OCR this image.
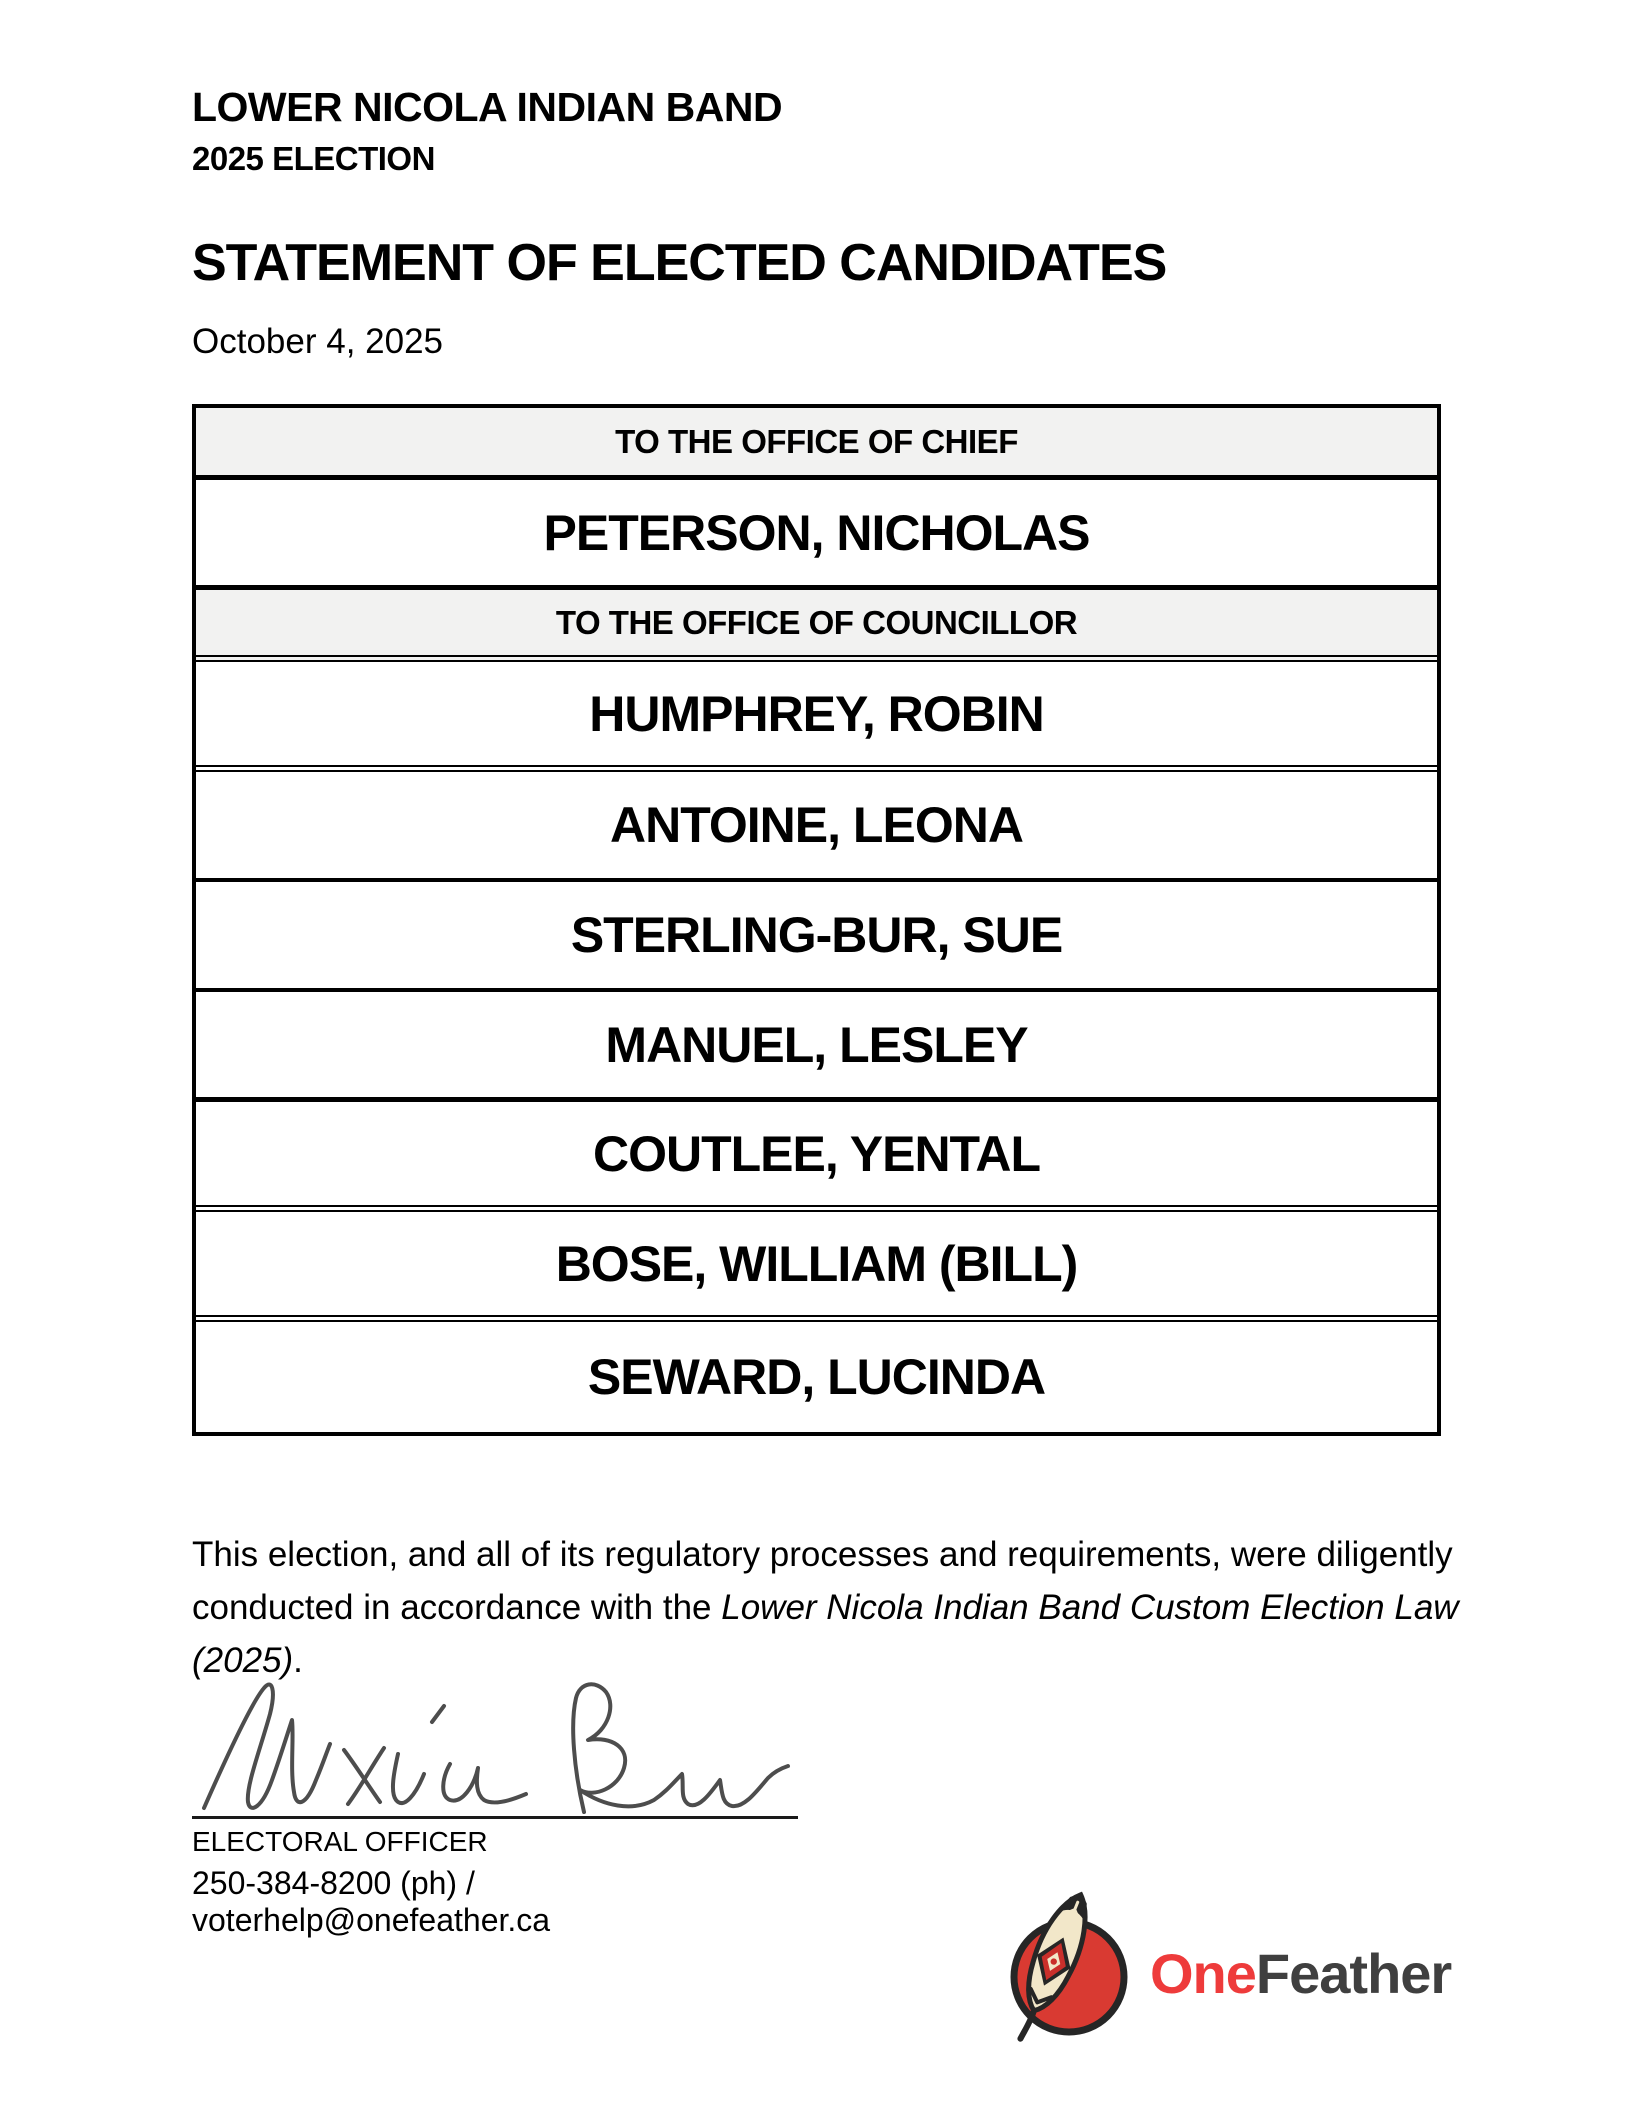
LOWER NICOLA INDIAN BAND
2025 ELECTION
STATEMENT OF ELECTED CANDIDATES
October 4, 2025
TO THE OFFICE OF CHIEF
PETERSON, NICHOLAS
TO THE OFFICE OF COUNCILLOR
HUMPHREY, ROBIN
ANTOINE, LEONA
STERLING-BUR, SUE
MANUEL, LESLEY
COUTLEE, YENTAL
BOSE, WILLIAM (BILL)
SEWARD, LUCINDA
This election, and all of its regulatory processes and requirements, were diligently
conducted in accordance with the Lower Nicola Indian Band Custom Election Law
(2025).
ELECTORAL OFFICER
250-384-8200 (ph) / voterhelp@onefeather.ca
OneFeather
